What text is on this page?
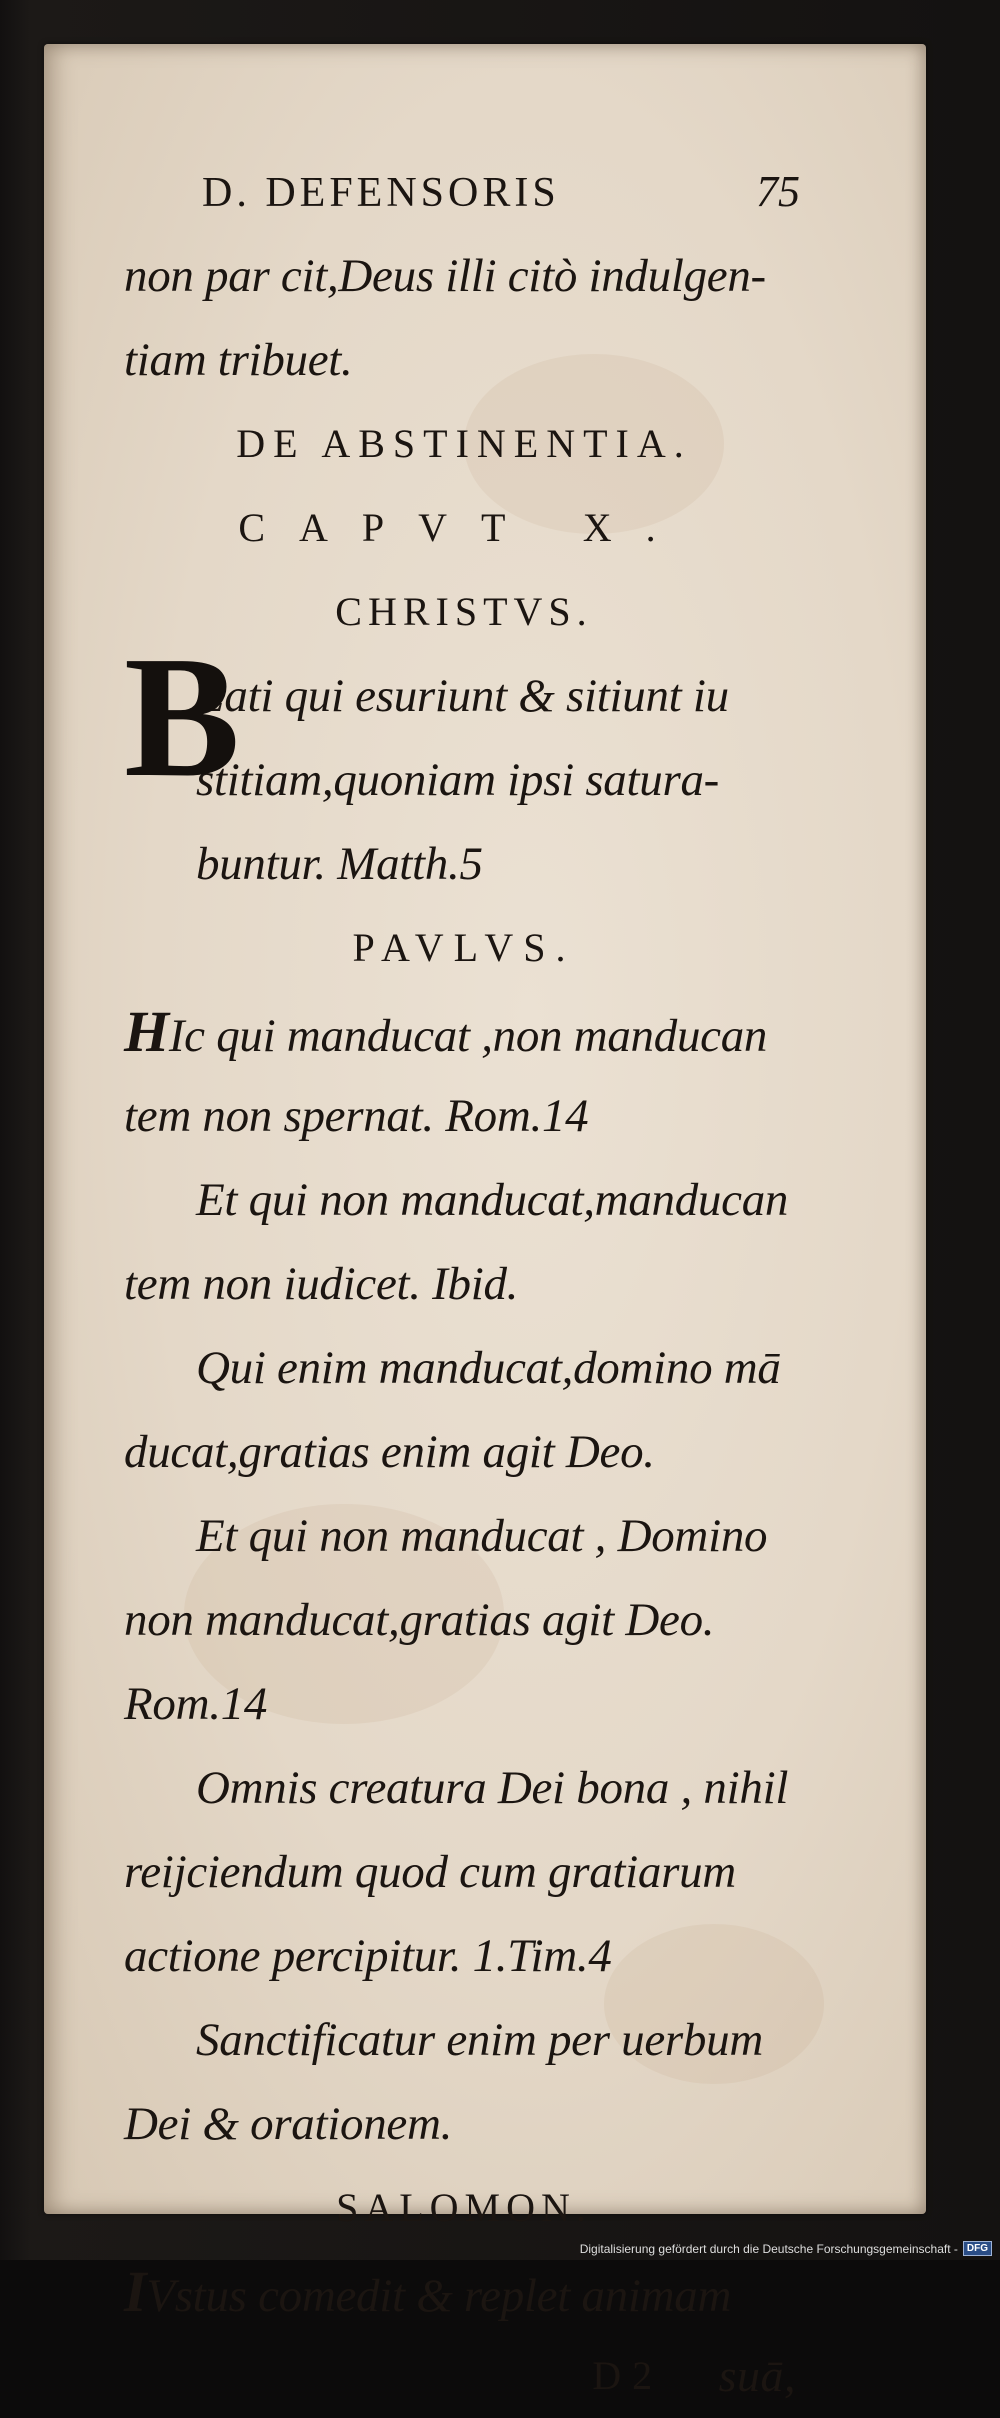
D. DEFENSORIS	75
non par cit,Deus illi citò indulgen-
tiam tribuet.
DE ABSTINENTIA.
CAPVT X.
CHRISTVS.
Eati qui esuriunt & sitiunt iu
stitiam,quoniam ipsi satura-
buntur. Matth.5
PAVLVS.
HIc qui manducat ,non manducan
tem non spernat. Rom.14
Et qui non manducat,manducan
tem non iudicet. Ibid.
Qui enim manducat,domino mā
ducat,gratias enim agit Deo.
Et qui non manducat , Domino
non manducat,gratias agit Deo.
Rom.14
Omnis creatura Dei bona , nihil
reijciendum quod cum gratiarum
actione percipitur. 1.Tim.4
Sanctificatur enim per uerbum
Dei & orationem.
SALOMON.
IVstus comedit & replet animam
D 2 suā,
B
Digitalisierung gefördert durch die Deutsche Forschungsgemeinschaft - DFG
